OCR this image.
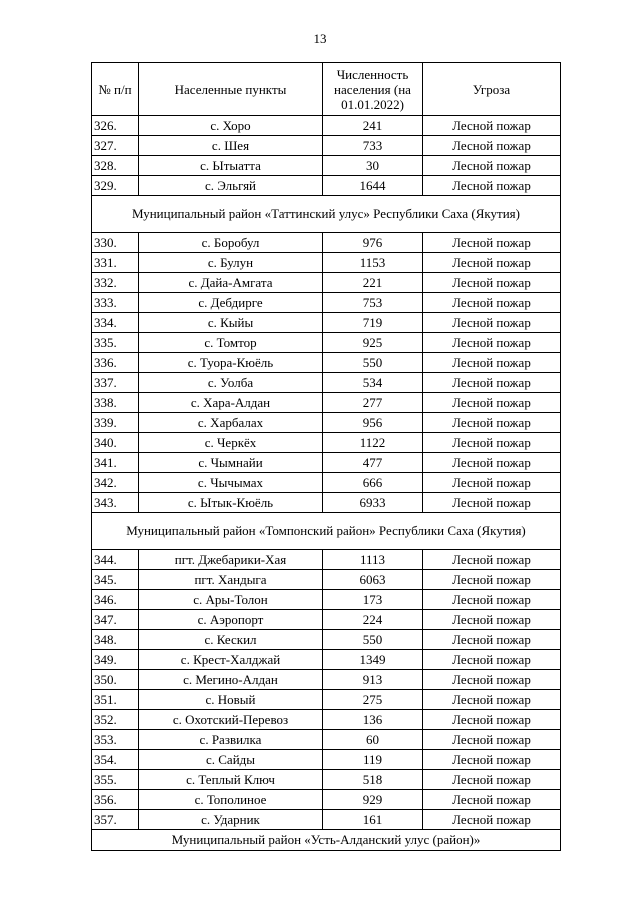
13
№ п/п	Населенные пункты	Численность населения (на 01.01.2022)	Угроза
326.	с. Хоро	241	Лесной пожар
327.	с. Шея	733	Лесной пожар
328.	с. Ытыатта	30	Лесной пожар
329.	с. Эльгяй	1644	Лесной пожар
Муниципальный район «Таттинский улус» Республики Саха (Якутия)			
330.	с. Боробул	976	Лесной пожар
331.	с. Булун	1153	Лесной пожар
332.	с. Дайа-Амгата	221	Лесной пожар
333.	с. Дебдирге	753	Лесной пожар
334.	с. Кыйы	719	Лесной пожар
335.	с. Томтор	925	Лесной пожар
336.	с. Туора-Кюёль	550	Лесной пожар
337.	с. Уолба	534	Лесной пожар
338.	с. Хара-Алдан	277	Лесной пожар
339.	с. Харбалах	956	Лесной пожар
340.	с. Черкёх	1122	Лесной пожар
341.	с. Чымнайи	477	Лесной пожар
342.	с. Чычымах	666	Лесной пожар
343.	с. Ытык-Кюёль	6933	Лесной пожар
Муниципальный район «Томпонский район» Республики Саха (Якутия)			
344.	пгт. Джебарики-Хая	1113	Лесной пожар
345.	пгт. Хандыга	6063	Лесной пожар
346.	с. Ары-Толон	173	Лесной пожар
347.	с. Аэропорт	224	Лесной пожар
348.	с. Кескил	550	Лесной пожар
349.	с. Крест-Халджай	1349	Лесной пожар
350.	с. Мегино-Алдан	913	Лесной пожар
351.	с. Новый	275	Лесной пожар
352.	с. Охотский-Перевоз	136	Лесной пожар
353.	с. Развилка	60	Лесной пожар
354.	с. Сайды	119	Лесной пожар
355.	с. Теплый Ключ	518	Лесной пожар
356.	с. Тополиное	929	Лесной пожар
357.	с. Ударник	161	Лесной пожар
Муниципальный район «Усть-Алданский улус (район)»			
